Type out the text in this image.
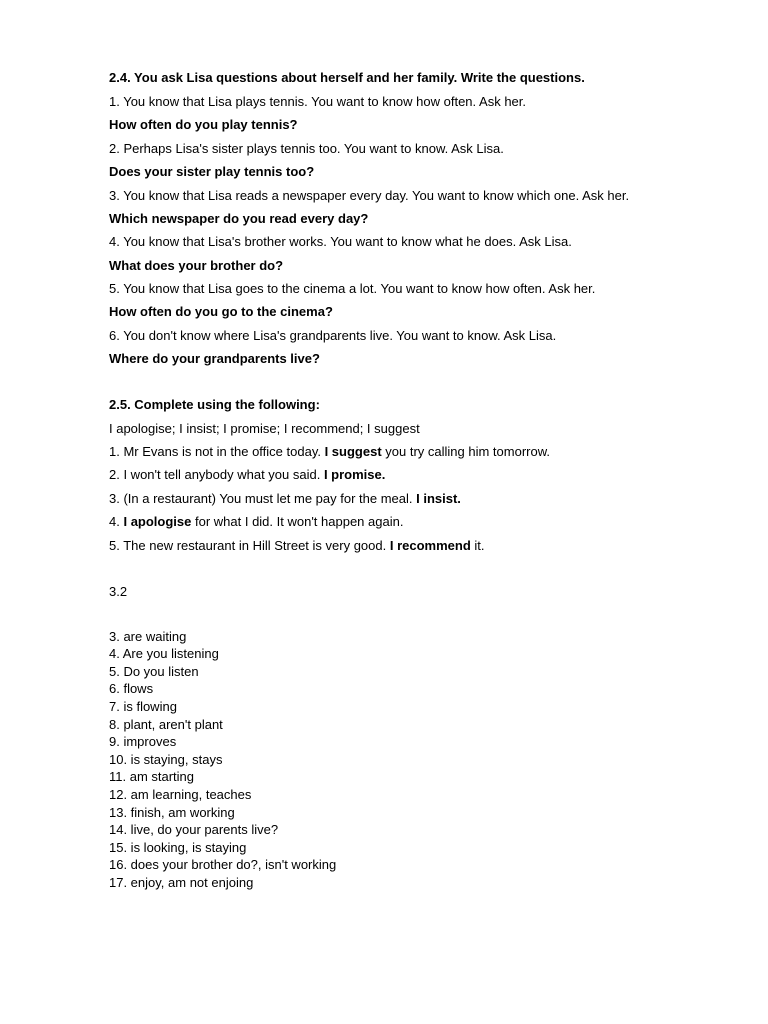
2.4. You ask Lisa questions about herself and her family. Write the questions.
1. You know that Lisa plays tennis. You want to know how often. Ask her.
How often do you play tennis?
2. Perhaps Lisa's sister plays tennis too. You want to know. Ask Lisa.
Does your sister play tennis too?
3. You know that Lisa reads a newspaper every day. You want to know which one. Ask her.
Which newspaper do you read every day?
4. You know that Lisa's brother works. You want to know what he does. Ask Lisa.
What does your brother do?
5. You know that Lisa goes to the cinema a lot. You want to know how often. Ask her.
How often do you go to the cinema?
6. You don't know where Lisa's grandparents live. You want to know. Ask Lisa.
Where do your grandparents live?
2.5. Complete using the following:
I apologise; I insist; I promise; I recommend; I suggest
1. Mr Evans is not in the office today. I suggest you try calling him tomorrow.
2. I won't tell anybody what you said. I promise.
3. (In a restaurant) You must let me pay for the meal. I insist.
4. I apologise for what I did. It won't happen again.
5. The new restaurant in Hill Street is very good. I recommend it.
3.2
3. are waiting
4. Are you listening
5. Do you listen
6. flows
7. is flowing
8. plant, aren't plant
9. improves
10. is staying, stays
11. am starting
12. am learning, teaches
13. finish, am working
14. live, do your parents live?
15. is looking, is staying
16. does your brother do?, isn't working
17. enjoy, am not enjoing
